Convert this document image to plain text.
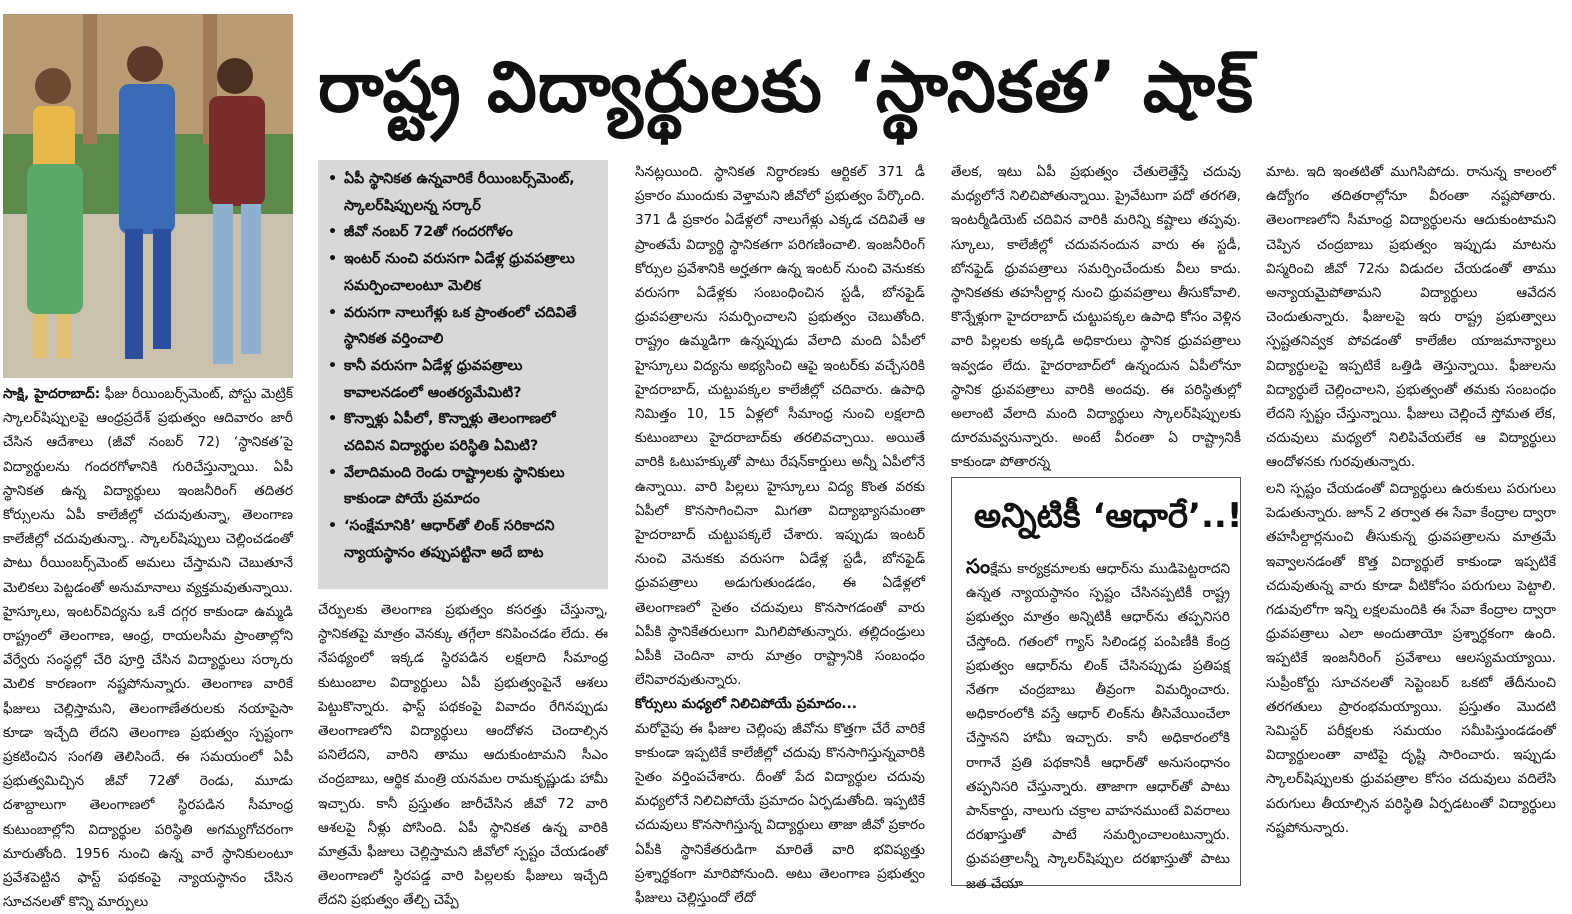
రాష్ట్ర విద్యార్థులకు ‘స్థానికత’ షాక్
• ఏపీ స్థానికత ఉన్నవారికే రీయింబర్స్‌మెంట్, స్కాలర్‌షిప్పులన్న సర్కార్
• జీవో నంబర్ 72తో గందరగోళం
• ఇంటర్ నుంచి వరుసగా ఏడేళ్ల ధ్రువపత్రాలు సమర్పించాలంటూ మెలిక
• వరుసగా నాలుగేళ్లు ఒక ప్రాంతంలో చదివితే స్థానికత వర్తించాలి
• కానీ వరుసగా ఏడేళ్ల ధ్రువపత్రాలు కావాలనడంలో ఆంతర్యమేమిటి?
• కొన్నాళ్లు ఏపీలో, కొన్నాళ్లు తెలంగాణలో చదివిన విద్యార్థుల పరిస్థితి ఏమిటి?
• వేలాదిమంది రెండు రాష్ట్రాలకు స్థానికులు కాకుండా పోయే ప్రమాదం
• ‘సంక్షేమానికి’ ఆధార్‌తో లింక్ సరికాదని న్యాయస్థానం తప్పుపట్టినా అదే బాట

సాక్షి, హైదరాబాద్: ఫీజు రీయింబర్స్‌మెంట్, పోస్టు మెట్రిక్ స్కాలర్‌షిప్పులపై ఆంధ్రప్రదేశ్ ప్రభుత్వం ఆదివారం జారీ చేసిన ఆదేశాలు (జీవో నంబర్ 72) ‘స్థానికత’పై విద్యార్థులను గందరగోళానికి గురిచేస్తున్నాయి. ఏపీ స్థానికత ఉన్న విద్యార్థులు ఇంజనీరింగ్ తదితర కోర్సులను ఏపీ కాలేజీల్లో చదువుతున్నా, తెలంగాణ కాలేజీల్లో చదువుతున్నా.. స్కాలర్‌షిప్పులు చెల్లించడంతో పాటు రీయింబర్స్‌మెంట్ అమలు చేస్తామని చెబుతూనే మెలికలు పెట్టడంతో అనుమానాలు వ్యక్తమవుతున్నాయి. హైస్కూలు, ఇంటర్‌విద్యను ఒకే దగ్గర కాకుండా ఉమ్మడి రాష్ట్రంలో తెలంగాణ, ఆంధ్ర, రాయలసీమ ప్రాంతాల్లోని వేర్వేరు సంస్థల్లో చేరి పూర్తి చేసిన విద్యార్థులు సర్కారు మెలిక కారణంగా నష్టపోనున్నారు. తెలంగాణ వారికే ఫీజులు చెల్లిస్తామని, తెలంగాణేతరులకు నయాపైసా కూడా ఇచ్చేది లేదని తెలంగాణ ప్రభుత్వం స్పష్టంగా ప్రకటించిన సంగతి తెలిసిందే. ఈ సమయంలో ఏపీ ప్రభుత్వమిచ్చిన జీవో 72తో రెండు, మూడు దశాబ్దాలుగా తెలంగాణలో స్థిరపడిన సీమాంధ్ర కుటుంబాల్లోని విద్యార్థుల పరిస్థితి అగమ్యగోచరంగా మారుతోంది. 1956 నుంచి ఉన్న వారే స్థానికులంటూ ప్రవేశపెట్టిన ఫాస్ట్ పథకంపై న్యాయస్థానం చేసిన సూచనలతో కొన్ని మార్పులు

చేర్పులకు తెలంగాణ ప్రభుత్వం కసరత్తు చేస్తున్నా, స్థానికతపై మాత్రం వెనక్కు తగ్గేలా కనిపించడం లేదు. ఈ నేపథ్యంలో ఇక్కడ స్థిరపడిన లక్షలాది సీమాంధ్ర కుటుంబాల విద్యార్థులు ఏపీ ప్రభుత్వంపైనే ఆశలు పెట్టుకొన్నారు. ఫాస్ట్ పథకంపై వివాదం రేగినప్పుడు తెలంగాణలోని విద్యార్థులు ఆందోళన చెందాల్సిన పనిలేదని, వారిని తాము ఆదుకుంటామని సీఎం చంద్రబాబు, ఆర్థిక మంత్రి యనమల రామకృష్ణుడు హామీ ఇచ్చారు. కానీ ప్రస్తుతం జారీచేసిన జీవో 72 వారి ఆశలపై నీళ్లు పోసింది. ఏపీ స్థానికత ఉన్న వారికి మాత్రమే ఫీజులు చెల్లిస్తామని జీవోలో స్పష్టం చేయడంతో తెలంగాణలో స్థిరపడ్డ వారి పిల్లలకు ఫీజులు ఇచ్చేది లేదని ప్రభుత్వం తేల్చి చెప్పే

సినట్లయింది. స్థానికత నిర్ధారణకు ఆర్టికల్ 371 డీ ప్రకారం ముందుకు వెళ్తామని జీవోలో ప్రభుత్వం పేర్కొంది. 371 డీ ప్రకారం ఏడేళ్లలో నాలుగేళ్లు ఎక్కడ చదివితే ఆ ప్రాంతమే విద్యార్థి స్థానికతగా పరిగణించాలి. ఇంజనీరింగ్ కోర్సుల ప్రవేశానికి అర్హతగా ఉన్న ఇంటర్ నుంచి వెనుకకు వరుసగా ఏడేళ్లకు సంబంధించిన స్టడీ, బోనఫైడ్ ధ్రువపత్రాలను సమర్పించాలని ప్రభుత్వం చెబుతోంది. రాష్ట్రం ఉమ్మడిగా ఉన్నప్పుడు వేలాది మంది ఏపీలో హైస్కూలు విద్యను అభ్యసించి ఆపై ఇంటర్‌కు వచ్చేసరికి హైదరాబాద్, చుట్టుపక్కల కాలేజీల్లో చదివారు. ఉపాధి నిమిత్తం 10, 15 ఏళ్లలో సీమాంధ్ర నుంచి లక్షలాది కుటుంబాలు హైదరాబాద్‌కు తరలివచ్చాయి. అయితే వారికి ఓటుహక్కుతో పాటు రేషన్‌కార్డులు అన్నీ ఏపీలోనే ఉన్నాయి. వారి పిల్లలు హైస్కూలు విద్య కొంత వరకు ఏపీలో కొనసాగించినా మిగతా విద్యాభ్యాసమంతా హైదరాబాద్ చుట్టుపక్కలే చేశారు. ఇప్పుడు ఇంటర్ నుంచి వెనుకకు వరుసగా ఏడేళ్ల స్టడీ, బోనఫైడ్ ధ్రువపత్రాలు అడుగుతుండడం, ఈ ఏడేళ్లలో తెలంగాణలో సైతం చదువులు కొనసాగడంతో వారు ఏపీకి స్థానికేతరులుగా మిగిలిపోతున్నారు. తల్లిదండ్రులు ఏపీకి చెందినా వారు మాత్రం రాష్ట్రానికి సంబంధం లేనివారవుతున్నారు.

కోర్సులు మధ్యలో నిలిచిపోయే ప్రమాదం...

మరోవైపు ఈ ఫీజుల చెల్లింపు జీవోను కొత్తగా చేరే వారికే కాకుండా ఇప్పటికే కాలేజీల్లో చదువు కొనసాగిస్తున్నవారికి సైతం వర్తింపచేశారు. దీంతో పేద విద్యార్థుల చదువు మధ్యలోనే నిలిచిపోయే ప్రమాదం ఏర్పడుతోంది. ఇప్పటికే చదువులు కొనసాగిస్తున్న విద్యార్థులు తాజా జీవో ప్రకారం ఏపీకి స్థానికేతరుడిగా మారితే వారి భవిష్యత్తు ప్రశ్నార్థకంగా మారిపోనుంది. అటు తెలంగాణ ప్రభుత్వం ఫీజులు చెల్లిస్తుందో లేదో

తేలక, ఇటు ఏపీ ప్రభుత్వం చేతులెత్తేస్తే చదువు మధ్యలోనే నిలిచిపోతున్నాయి. ప్రైవేటుగా పదో తరగతి, ఇంటర్మీడియెట్ చదివిన వారికి మరిన్ని కష్టాలు తప్పవు. స్కూలు, కాలేజీల్లో చదువనందున వారు ఈ స్టడీ, బోనఫైడ్ ధ్రువపత్రాలు సమర్పించేందుకు వీలు కాదు. స్థానికతకు తహసీల్దార్ల నుంచి ధ్రువపత్రాలు తీసుకోవాలి. కొన్నేళ్లుగా హైదరాబాద్ చుట్టుపక్కల ఉపాధి కోసం వెళ్లిన వారి పిల్లలకు అక్కడి అధికారులు స్థానిక ధ్రువపత్రాలు ఇవ్వడం లేదు. హైదరాబాద్‌లో ఉన్నందున ఏపీలోనూ స్థానిక ధ్రువపత్రాలు వారికి అందవు. ఈ పరిస్థితుల్లో అలాంటి వేలాది మంది విద్యార్థులు స్కాలర్‌షిప్పులకు దూరమవ్వనున్నారు. అంటే వీరంతా ఏ రాష్ట్రానికీ కాకుండా పోతారన్న

మాట. ఇది ఇంతటితో ముగిసిపోదు. రానున్న కాలంలో ఉద్యోగం తదితరాల్లోనూ వీరంతా నష్టపోతారు. తెలంగాణలోని సీమాంధ్ర విద్యార్థులను ఆదుకుంటామని చెప్పిన చంద్రబాబు ప్రభుత్వం ఇప్పుడు మాటను విస్మరించి జీవో 72ను విడుదల చేయడంతో తాము అన్యాయమైపోతామని విద్యార్థులు ఆవేదన చెందుతున్నారు. ఫీజులపై ఇరు రాష్ట్ర ప్రభుత్వాలు స్పష్టతనివ్వక పోవడంతో కాలేజీల యాజమాన్యాలు విద్యార్థులపై ఇప్పటికే ఒత్తిడి తెస్తున్నాయి. ఫీజులను విద్యార్థులే చెల్లించాలని, ప్రభుత్వంతో తమకు సంబంధం లేదని స్పష్టం చేస్తున్నాయి. ఫీజులు చెల్లించే స్తోమత లేక, చదువులు మధ్యలో నిలిపివేయలేక ఆ విద్యార్థులు ఆందోళనకు గురవుతున్నారు.

లని స్పష్టం చేయడంతో విద్యార్థులు ఉరుకులు పరుగులు పెడుతున్నారు. జూన్ 2 తర్వాత ఈ సేవా కేంద్రాల ద్వారా తహసీల్దార్లనుంచి తీసుకున్న ధ్రువపత్రాలను మాత్రమే ఇవ్వాలనడంతో కొత్త విద్యార్థులే కాకుండా ఇప్పటికే చదువుతున్న వారు కూడా వీటికోసం పరుగులు పెట్టాలి. గడువులోగా ఇన్ని లక్షలమందికి ఈ సేవా కేంద్రాల ద్వారా ధ్రువపత్రాలు ఎలా అందుతాయో ప్రశ్నార్థకంగా ఉంది. ఇప్పటికే ఇంజనీరింగ్ ప్రవేశాలు ఆలస్యమయ్యాయి. సుప్రీంకోర్టు సూచనలతో సెప్టెంబర్ ఒకటో తేదీనుంచి తరగతులు ప్రారంభమయ్యాయి. ప్రస్తుతం మొదటి సెమిస్టర్ పరీక్షలకు సమయం సమీపిస్తుండడంతో విద్యార్థులంతా వాటిపై దృష్టి సారించారు. ఇప్పుడు స్కాలర్‌షిప్పులకు ధ్రువపత్రాల కోసం చదువులు వదిలేసి పరుగులు తీయాల్సిన పరిస్థితి ఏర్పడటంతో విద్యార్థులు నష్టపోనున్నారు.

అన్నిటికీ ‘ఆధారే’..!
సంక్షేమ కార్యక్రమాలకు ఆధార్‌ను ముడిపెట్టరాదని ఉన్నత న్యాయస్థానం స్పష్టం చేసినప్పటికీ రాష్ట్ర ప్రభుత్వం మాత్రం అన్నిటికీ ఆధార్‌ను తప్పనిసరి చేస్తోంది. గతంలో గ్యాస్ సిలిండర్ల పంపిణీకి కేంద్ర ప్రభుత్వం ఆధార్‌ను లింక్ చేసినప్పుడు ప్రతిపక్ష నేతగా చంద్రబాబు తీవ్రంగా విమర్శించారు. అధికారంలోకి వస్తే ఆధార్ లింక్‌ను తీసివేయించేలా చేస్తానని హామీ ఇచ్చారు. కానీ అధికారంలోకి రాగానే ప్రతి పథకానికీ ఆధార్‌తో అనుసంధానం తప్పనిసరి చేస్తున్నారు. తాజాగా ఆధార్‌తో పాటు పాన్‌కార్డు, నాలుగు చక్రాల వాహనముంటే వివరాలు దరఖాస్తుతో పాటే సమర్పించాలంటున్నారు. ధ్రువపత్రాలన్నీ స్కాలర్‌షిప్పుల దరఖాస్తుతో పాటు జత చేయా
